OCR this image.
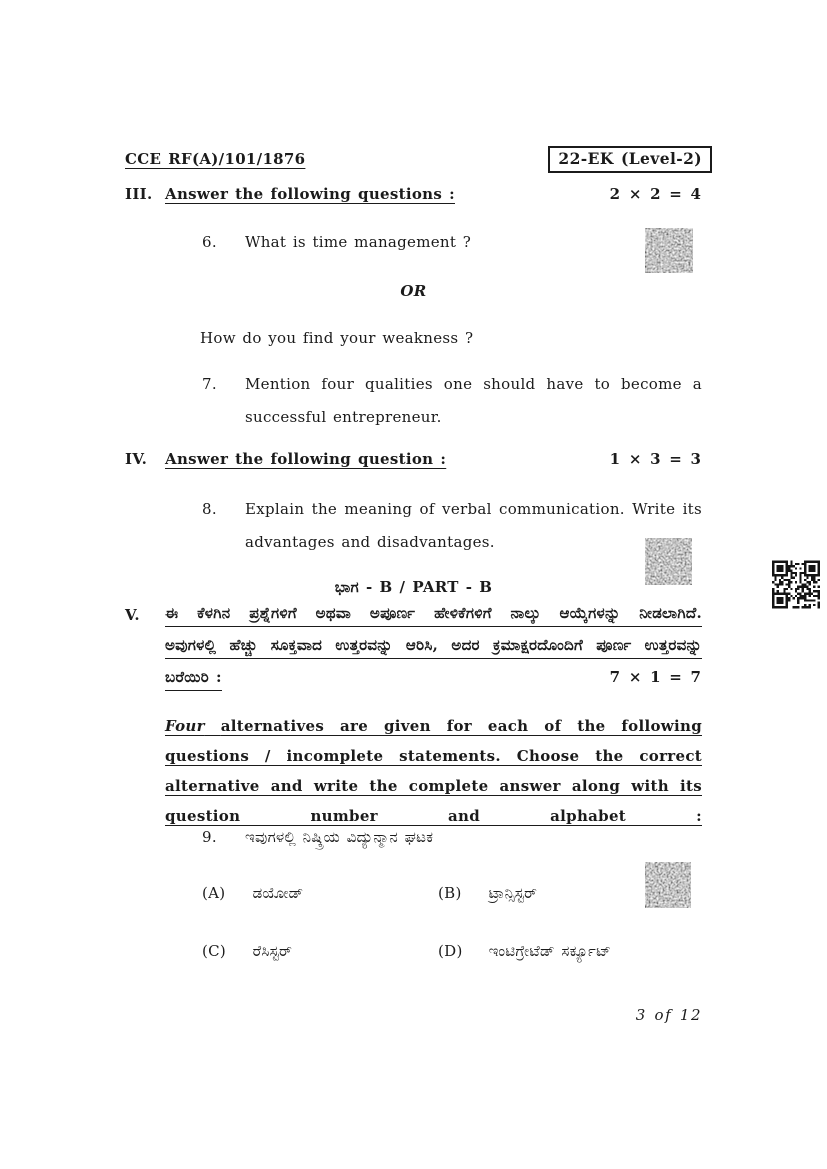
CCE RF(A)/101/1876	22-EK (Level-2)
III. Answer the following questions :	2 × 2 = 4
6.	What is time management ?
OR
How do you find your weakness ?
7.	Mention four qualities one should have to become a successful entrepreneur.
IV.	Answer the following question :	1 × 3 = 3
8.	Explain the meaning of verbal communication. Write its advantages and disadvantages.
ಭಾಗ - B / PART - B
V. ಈ ಕೆಳಗಿನ ಪ್ರಶ್ನೆಗಳಿಗೆ ಅಥವಾ ಅಪೂರ್ಣ ಹೇಳಿಕೆಗಳಿಗೆ ನಾಲ್ಕು ಆಯ್ಕೆಗಳನ್ನು ನೀಡಲಾಗಿದೆ.
ಅವುಗಳಲ್ಲಿ ಹೆಚ್ಚು ಸೂಕ್ತವಾದ ಉತ್ತರವನ್ನು ಆರಿಸಿ, ಅದರ ಕ್ರಮಾಕ್ಷರದೊಂದಿಗೆ ಪೂರ್ಣ ಉತ್ತರವನ್ನು
ಬರೆಯಿರಿ :	7 × 1 = 7
Four alternatives are given for each of the following questions / incomplete statements. Choose the correct alternative and write the complete answer along with its question number and alphabet :
9.	ಇವುಗಳಲ್ಲಿ ನಿಷ್ಕ್ರಿಯ ವಿದ್ಯುನ್ಮಾನ ಘಟಕ
(A) ಡಯೋಡ್	(B) ಟ್ರಾನ್ಸಿಸ್ಟರ್
(C) ರೆಸಿಸ್ಟರ್	(D) ಇಂಟಿಗ್ರೇಟೆಡ್ ಸರ್ಕ್ಯೂಟ್
3 of 12
